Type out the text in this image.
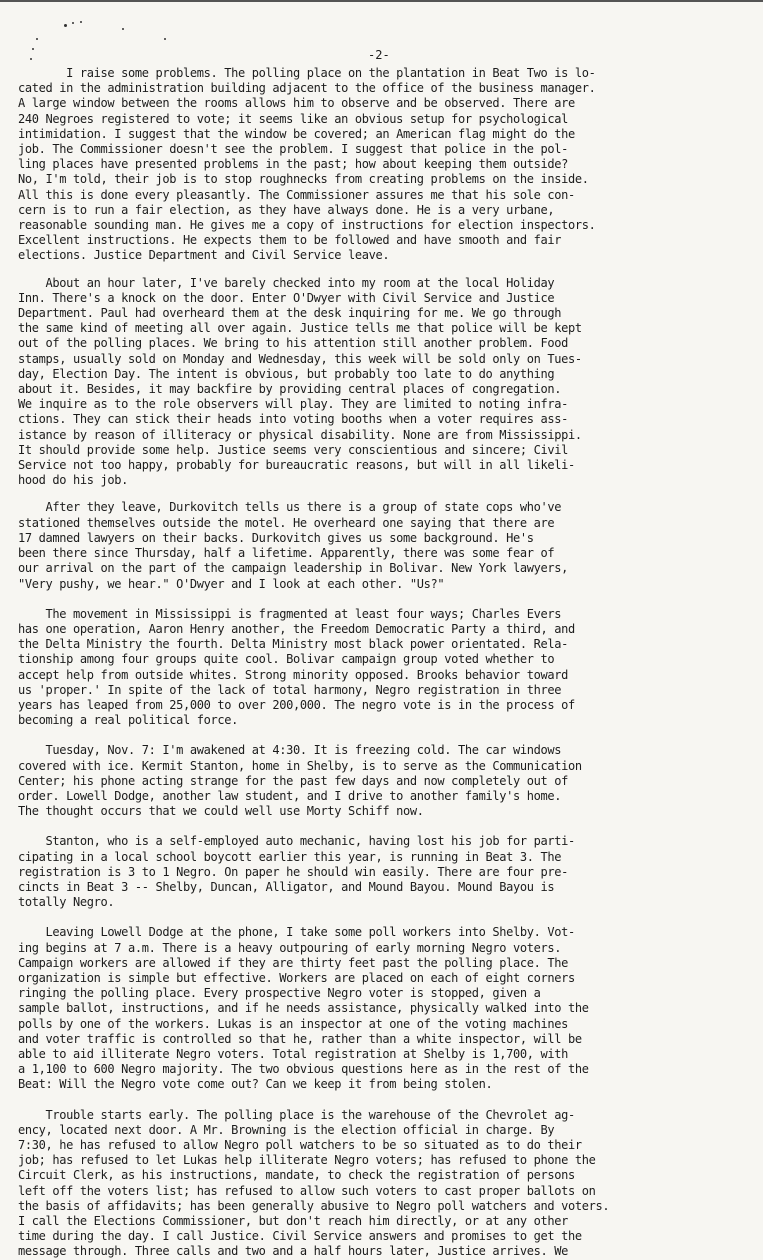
-2-

I raise some problems. The polling place on the plantation in Beat Two is lo-
cated in the administration building adjacent to the office of the business manager.
A large window between the rooms allows him to observe and be observed. There are
240 Negroes registered to vote; it seems like an obvious setup for psychological
intimidation. I suggest that the window be covered; an American flag might do the
job. The Commissioner doesn't see the problem. I suggest that police in the pol-
ling places have presented problems in the past; how about keeping them outside?
No, I'm told, their job is to stop roughnecks from creating problems on the inside.
All this is done every pleasantly. The Commissioner assures me that his sole con-
cern is to run a fair election, as they have always done. He is a very urbane,
reasonable sounding man. He gives me a copy of instructions for election inspectors.
Excellent instructions. He expects them to be followed and have smooth and fair
elections. Justice Department and Civil Service leave.

About an hour later, I've barely checked into my room at the local Holiday
Inn. There's a knock on the door. Enter O'Dwyer with Civil Service and Justice
Department. Paul had overheard them at the desk inquiring for me. We go through
the same kind of meeting all over again. Justice tells me that police will be kept
out of the polling places. We bring to his attention still another problem. Food
stamps, usually sold on Monday and Wednesday, this week will be sold only on Tues-
day, Election Day. The intent is obvious, but probably too late to do anything
about it. Besides, it may backfire by providing central places of congregation.
We inquire as to the role observers will play. They are limited to noting infra-
ctions. They can stick their heads into voting booths when a voter requires ass-
istance by reason of illiteracy or physical disability. None are from Mississippi.
It should provide some help. Justice seems very conscientious and sincere; Civil
Service not too happy, probably for bureaucratic reasons, but will in all likeli-
hood do his job.

After they leave, Durkovitch tells us there is a group of state cops who've
stationed themselves outside the motel. He overheard one saying that there are
17 damned lawyers on their backs. Durkovitch gives us some background. He's
been there since Thursday, half a lifetime. Apparently, there was some fear of
our arrival on the part of the campaign leadership in Bolivar. New York lawyers,
"Very pushy, we hear." O'Dwyer and I look at each other. "Us?"

The movement in Mississippi is fragmented at least four ways; Charles Evers
has one operation, Aaron Henry another, the Freedom Democratic Party a third, and
the Delta Ministry the fourth. Delta Ministry most black power orientated. Rela-
tionship among four groups quite cool. Bolivar campaign group voted whether to
accept help from outside whites. Strong minority opposed. Brooks behavior toward
us 'proper.' In spite of the lack of total harmony, Negro registration in three
years has leaped from 25,000 to over 200,000. The negro vote is in the process of
becoming a real political force.

Tuesday, Nov. 7: I'm awakened at 4:30. It is freezing cold. The car windows
covered with ice. Kermit Stanton, home in Shelby, is to serve as the Communication
Center; his phone acting strange for the past few days and now completely out of
order. Lowell Dodge, another law student, and I drive to another family's home.
The thought occurs that we could well use Morty Schiff now.

Stanton, who is a self-employed auto mechanic, having lost his job for parti-
cipating in a local school boycott earlier this year, is running in Beat 3. The
registration is 3 to 1 Negro. On paper he should win easily. There are four pre-
cincts in Beat 3 -- Shelby, Duncan, Alligator, and Mound Bayou. Mound Bayou is
totally Negro.

Leaving Lowell Dodge at the phone, I take some poll workers into Shelby. Vot-
ing begins at 7 a.m. There is a heavy outpouring of early morning Negro voters.
Campaign workers are allowed if they are thirty feet past the polling place. The
organization is simple but effective. Workers are placed on each of eight corners
ringing the polling place. Every prospective Negro voter is stopped, given a
sample ballot, instructions, and if he needs assistance, physically walked into the
polls by one of the workers. Lukas is an inspector at one of the voting machines
and voter traffic is controlled so that he, rather than a white inspector, will be
able to aid illiterate Negro voters. Total registration at Shelby is 1,700, with
a 1,100 to 600 Negro majority. The two obvious questions here as in the rest of the
Beat: Will the Negro vote come out? Can we keep it from being stolen.

Trouble starts early. The polling place is the warehouse of the Chevrolet ag-
ency, located next door. A Mr. Browning is the election official in charge. By
7:30, he has refused to allow Negro poll watchers to be so situated as to do their
job; has refused to let Lukas help illiterate Negro voters; has refused to phone the
Circuit Clerk, as his instructions, mandate, to check the registration of persons
left off the voters list; has refused to allow such voters to cast proper ballots on
the basis of affidavits; has been generally abusive to Negro poll watchers and voters.
I call the Elections Commissioner, but don't reach him directly, or at any other
time during the day. I call Justice. Civil Service answers and promises to get the
message through. Three calls and two and a half hours later, Justice arrives. We
